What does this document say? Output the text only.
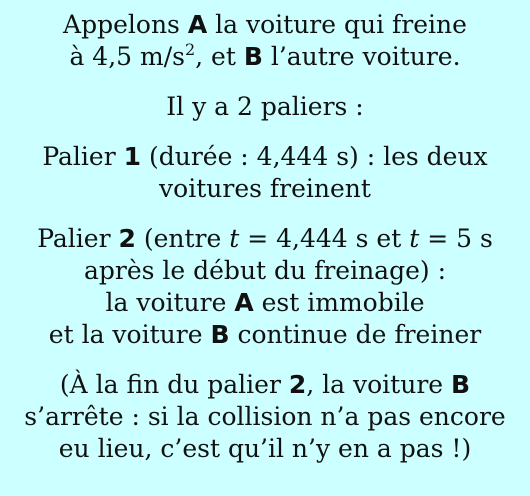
Appelons A la voiture qui freine
à 4,5 $m/s^2$, et B l’autre voiture.

Il y a 2 paliers :

Palier 1 (durée : 4,444 s) : les deux
voitures freinent

Palier 2 (entre t = 4,444 s et t = 5 s
après le début du freinage) :
la voiture A est immobile
et la voiture B continue de freiner

(À la fin du palier 2, la voiture B
s’arrête : si la collision n’a pas encore
eu lieu, c’est qu’il n’y en a pas !)
